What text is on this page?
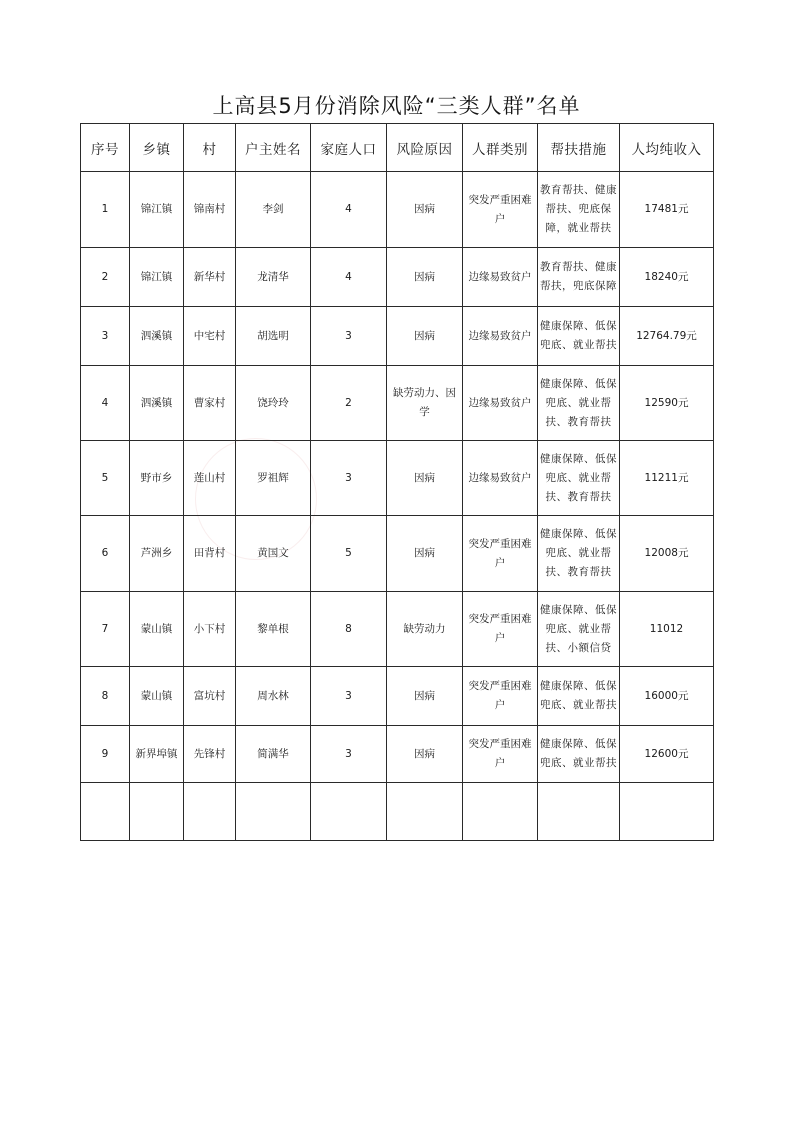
上高县5月份消除风险“三类人群”名单
序号	乡镇	村	户主姓名	家庭人口	风险原因	人群类别	帮扶措施	人均纯收入
1	锦江镇	锦南村	李剑	4	因病	突发严重困难户	教育帮扶、健康帮扶、兜底保障，就业帮扶	17481元
2	锦江镇	新华村	龙清华	4	因病	边缘易致贫户	教育帮扶、健康帮扶，兜底保障	18240元
3	泗溪镇	中宅村	胡选明	3	因病	边缘易致贫户	健康保障、低保兜底、就业帮扶	12764.79元
4	泗溪镇	曹家村	饶玲玲	2	缺劳动力、因学	边缘易致贫户	健康保障、低保兜底、就业帮扶、教育帮扶	12590元
5	野市乡	莲山村	罗祖辉	3	因病	边缘易致贫户	健康保障、低保兜底、就业帮扶、教育帮扶	11211元
6	芦洲乡	田背村	黄国文	5	因病	突发严重困难户	健康保障、低保兜底、就业帮扶、教育帮扶	12008元
7	蒙山镇	小下村	黎单根	8	缺劳动力	突发严重困难户	健康保障、低保兜底、就业帮扶、小额信贷	11012
8	蒙山镇	富坑村	周水林	3	因病	突发严重困难户	健康保障、低保兜底、就业帮扶	16000元
9	新界埠镇	先锋村	简满华	3	因病	突发严重困难户	健康保障、低保兜底、就业帮扶	12600元
